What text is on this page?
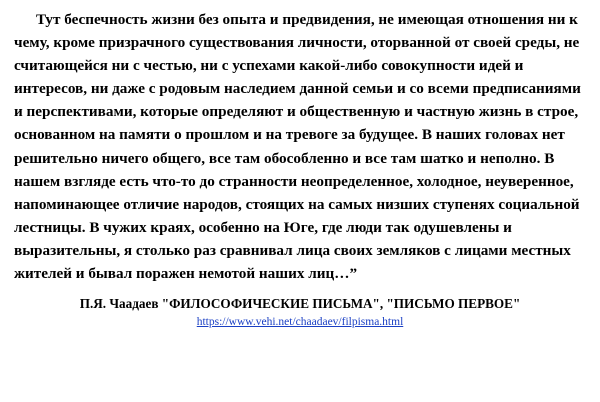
Тут беспечность жизни без опыта и предвидения, не имеющая отношения ни к чему, кроме призрачного существования личности, оторванной от своей среды, не считающейся ни с честью, ни с успехами какой-либо совокупности идей и интересов, ни даже с родовым наследием данной семьи и со всеми предписаниями и перспективами, которые определяют и общественную и частную жизнь в строе, основанном на памяти о прошлом и на тревоге за будущее. В наших головах нет решительно ничего общего, все там обособленно и все там шатко и неполно. В нашем взгляде есть что-то до странности неопределенное, холодное, неуверенное, напоминающее отличие народов, стоящих на самых низших ступенях социальной лестницы. В чужих краях, особенно на Юге, где люди так одушевлены и выразительны, я столько раз сравнивал лица своих земляков с лицами местных жителей и бывал поражен немотой наших лиц…”

П.Я. Чаадаев "ФИЛОСОФИЧЕСКИЕ ПИСЬМА", "ПИСЬМО ПЕРВОЕ"
https://www.vehi.net/chaadaev/filpisma.html
